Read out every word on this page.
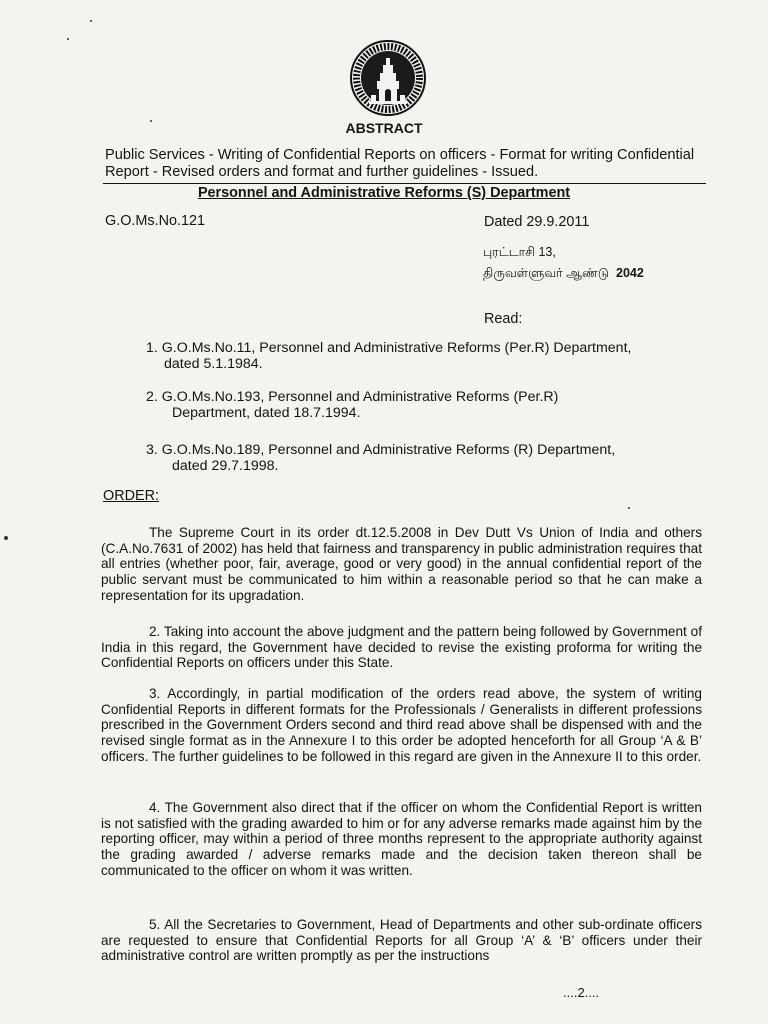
ABSTRACT
Public Services - Writing of Confidential Reports on officers - Format for writing Confidential Report - Revised orders and format and further guidelines - Issued.
Personnel and Administrative Reforms (S) Department
G.O.Ms.No.121	Dated 29.9.2011
புரட்டாசி 13,
திருவள்ளுவர் ஆண்டு 2042
Read:
1. G.O.Ms.No.11, Personnel and Administrative Reforms (Per.R) Department,
dated 5.1.1984.
2. G.O.Ms.No.193, Personnel and Administrative Reforms (Per.R)
Department, dated 18.7.1994.
3. G.O.Ms.No.189, Personnel and Administrative Reforms (R) Department,
dated 29.7.1998.
ORDER:
The Supreme Court in its order dt.12.5.2008 in Dev Dutt Vs Union of India and others (C.A.No.7631 of 2002) has held that fairness and transparency in public administration requires that all entries (whether poor, fair, average, good or very good) in the annual confidential report of the public servant must be communicated to him within a reasonable period so that he can make a representation for its upgradation.
2. Taking into account the above judgment and the pattern being followed by Government of India in this regard, the Government have decided to revise the existing proforma for writing the Confidential Reports on officers under this State.
3. Accordingly, in partial modification of the orders read above, the system of writing Confidential Reports in different formats for the Professionals / Generalists in different professions prescribed in the Government Orders second and third read above shall be dispensed with and the revised single format as in the Annexure I to this order be adopted henceforth for all Group ‘A & B’ officers. The further guidelines to be followed in this regard are given in the Annexure II to this order.
4. The Government also direct that if the officer on whom the Confidential Report is written is not satisfied with the grading awarded to him or for any adverse remarks made against him by the reporting officer, may within a period of three months represent to the appropriate authority against the grading awarded / adverse remarks made and the decision taken thereon shall be communicated to the officer on whom it was written.
5. All the Secretaries to Government, Head of Departments and other sub-ordinate officers are requested to ensure that Confidential Reports for all Group ‘A’ & ‘B’ officers under their administrative control are written promptly as per the instructions
....2....
